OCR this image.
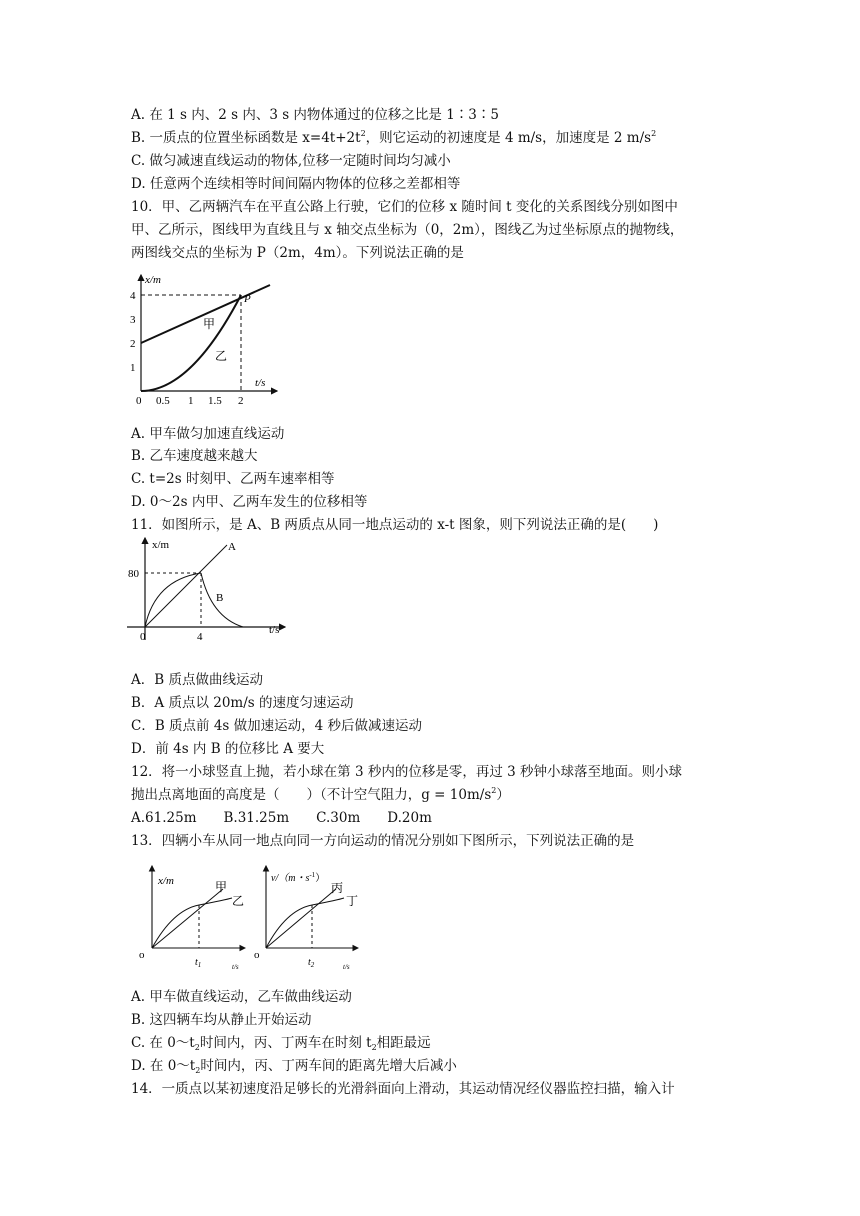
A. 在 1 s 内、2 s 内、3 s 内物体通过的位移之比是 1∶3∶5
B. 一质点的位置坐标函数是 $x=4t+2t^2$，则它运动的初速度是 4 m/s，加速度是 2 $m/s^2$
C. 做匀减速直线运动的物体,位移一定随时间均匀减小
D. 任意两个连续相等时间间隔内物体的位移之差都相等
10．甲、乙两辆汽车在平直公路上行驶，它们的位移 x 随时间 t 变化的关系图线分别如图中
甲、乙所示，图线甲为直线且与 x 轴交点坐标为（0，2m），图线乙为过坐标原点的抛物线，
两图线交点的坐标为 P（2m，4m）。下列说法正确的是
x/m
t/s
4
3
2
1
0 0.5 1 1.5 2
甲
乙
P
A. 甲车做匀加速直线运动
B. 乙车速度越来越大
C. t=2s 时刻甲、乙两车速率相等
D. 0～2s 内甲、乙两车发生的位移相等
11．如图所示，是 A、B 两质点从同一地点运动的 x-t 图象，则下列说法正确的是(　　)
x/m
t/s
80
4
0
A
B
A．B 质点做曲线运动
B．A 质点以 20m/s 的速度匀速运动
C．B 质点前 4s 做加速运动，4 秒后做减速运动
D．前 4s 内 B 的位移比 A 要大
12．将一小球竖直上抛，若小球在第 3 秒内的位移是零，再过 3 秒钟小球落至地面。则小球
抛出点离地面的高度是（　　）（不计空气阻力，$g = 10m/s^2$）
A.61.25m　　B.31.25m　　C.30m　　D.20m
13．四辆小车从同一地点向同一方向运动的情况分别如下图所示，下列说法正确的是
x/m
t/s
o
$t_1$
甲
乙
v/（m・$s^{-1}$）
t/s
o
$t_2$
丙
丁
A. 甲车做直线运动，乙车做曲线运动
B. 这四辆车均从静止开始运动
C. 在 $0\sim t_2$时间内，丙、丁两车在时刻 $t_2$相距最远
D. 在 $0\sim t_2$时间内，丙、丁两车间的距离先增大后减小
14．一质点以某初速度沿足够长的光滑斜面向上滑动，其运动情况经仪器监控扫描，输入计
